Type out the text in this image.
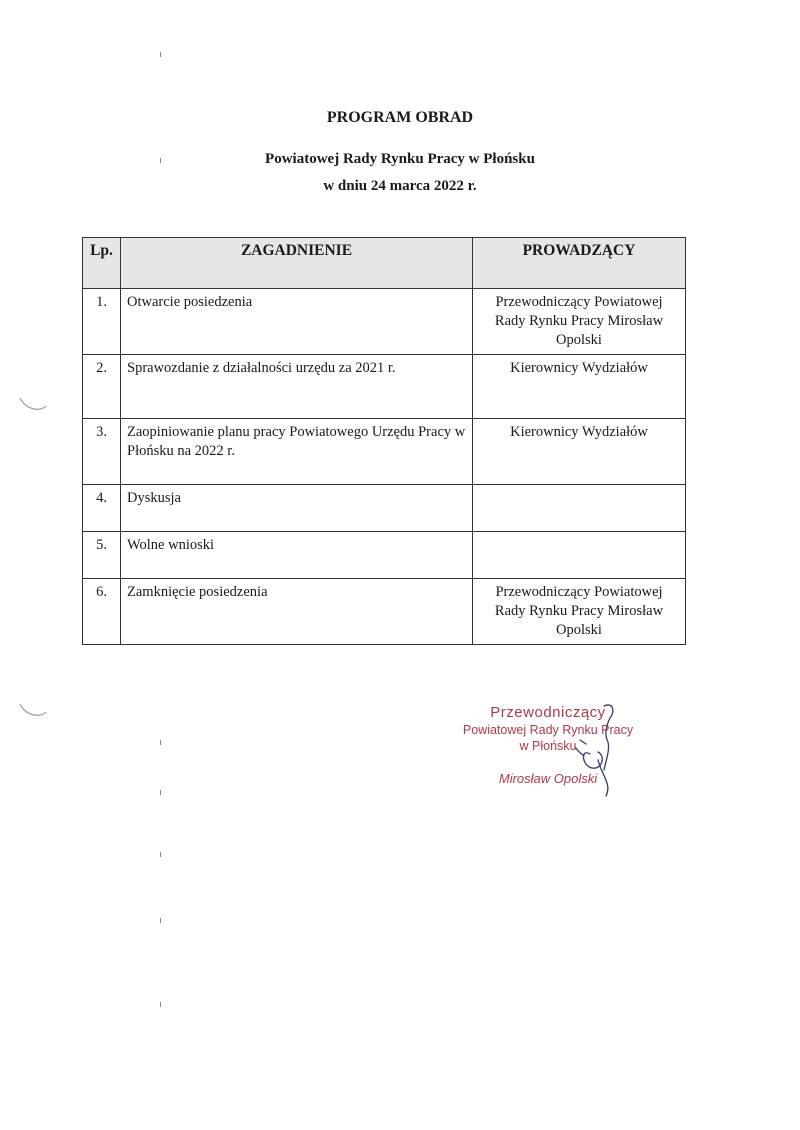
PROGRAM OBRAD
Powiatowej Rady Rynku Pracy w Płońsku
w dniu 24 marca 2022 r.
Lp.	ZAGADNIENIE	PROWADZĄCY
1.	Otwarcie posiedzenia	Przewodniczący Powiatowej Rady Rynku Pracy Mirosław Opolski
2.	Sprawozdanie z działalności urzędu za 2021 r.	Kierownicy Wydziałów
3.	Zaopiniowanie planu pracy Powiatowego Urzędu Pracy w Płońsku na 2022 r.	Kierownicy Wydziałów
4.	Dyskusja	
5.	Wolne wnioski	
6.	Zamknięcie posiedzenia	Przewodniczący Powiatowej Rady Rynku Pracy Mirosław Opolski
Przewodniczący
Powiatowej Rady Rynku Pracy
w Płońsku
Mirosław Opolski
